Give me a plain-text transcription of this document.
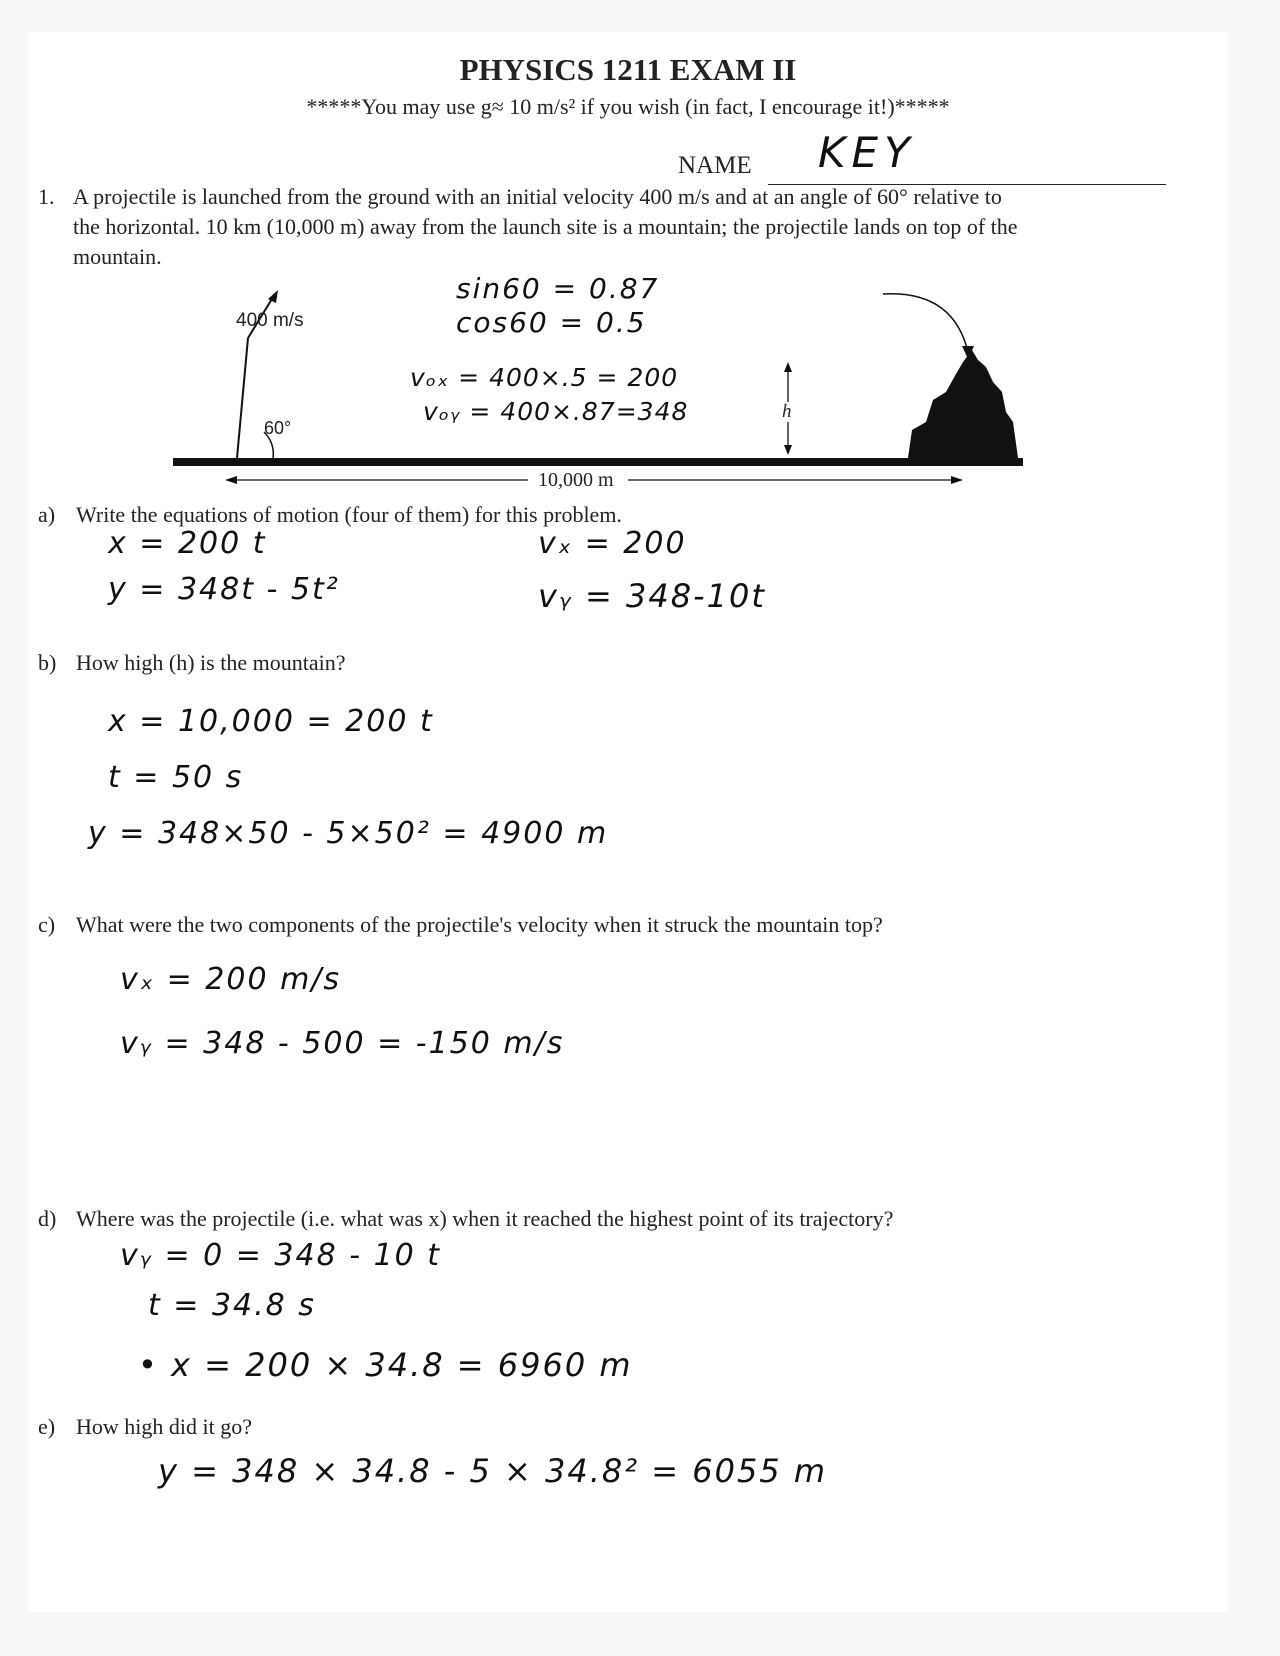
PHYSICS 1211 EXAM II
*****You may use g≈ 10 m/s² if you wish (in fact, I encourage it!)*****
NAME KEY
1. A projectile is launched from the ground with an initial velocity 400 m/s and at an angle of 60° relative to
the horizontal. 10 km (10,000 m) away from the launch site is a mountain; the projectile lands on top of the
mountain.
400 m/s
60°
10,000 m
h
sin60 = 0.87
cos60 = 0.5
vₒₓ = 400×.5 = 200
vₒᵧ = 400×.87=348
a) Write the equations of motion (four of them) for this problem.
x = 200 t
y = 348t - 5t²
vₓ = 200
vᵧ = 348-10t
b) How high (h) is the mountain?
x = 10,000 = 200 t
t = 50 s
y = 348×50 - 5×50² = 4900 m
c) What were the two components of the projectile's velocity when it struck the mountain top?
vₓ = 200 m/s
vᵧ = 348 - 500 = -150 m/s
d) Where was the projectile (i.e. what was x) when it reached the highest point of its trajectory?
vᵧ = 0 = 348 - 10 t
t = 34.8 s
• x = 200 × 34.8 = 6960 m
e) How high did it go?
y = 348 × 34.8 - 5 × 34.8² = 6055 m
